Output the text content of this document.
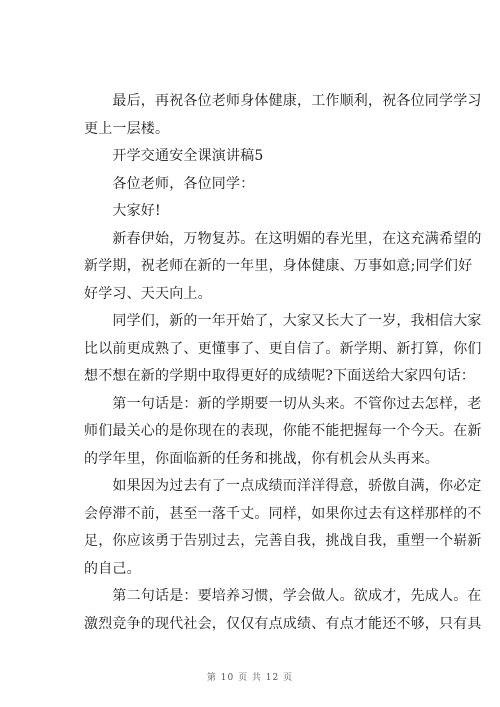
　　最后，再祝各位老师身体健康，工作顺利，祝各位同学学习
更上一层楼。
　　开学交通安全课演讲稿5
　　各位老师，各位同学：
　　大家好!
　　新春伊始，万物复苏。在这明媚的春光里，在这充满希望的
新学期，祝老师在新的一年里，身体健康、万事如意;同学们好
好学习、天天向上。
　　同学们，新的一年开始了，大家又长大了一岁，我相信大家
比以前更成熟了、更懂事了、更自信了。新学期、新打算，你们
想不想在新的学期中取得更好的成绩呢?下面送给大家四句话：
　　第一句话是：新的学期要一切从头来。不管你过去怎样，老
师们最关心的是你现在的表现，你能不能把握每一个今天。在新
的学年里，你面临新的任务和挑战，你有机会从头再来。
　　如果因为过去有了一点成绩而洋洋得意，骄傲自满，你必定
会停滞不前，甚至一落千丈。同样，如果你过去有这样那样的不
足，你应该勇于告别过去，完善自我，挑战自我，重塑一个崭新
的自己。
　　第二句话是：要培养习惯，学会做人。欲成才，先成人。在
激烈竞争的现代社会，仅仅有点成绩、有点才能还不够，只有具
第 10 页 共 12 页
